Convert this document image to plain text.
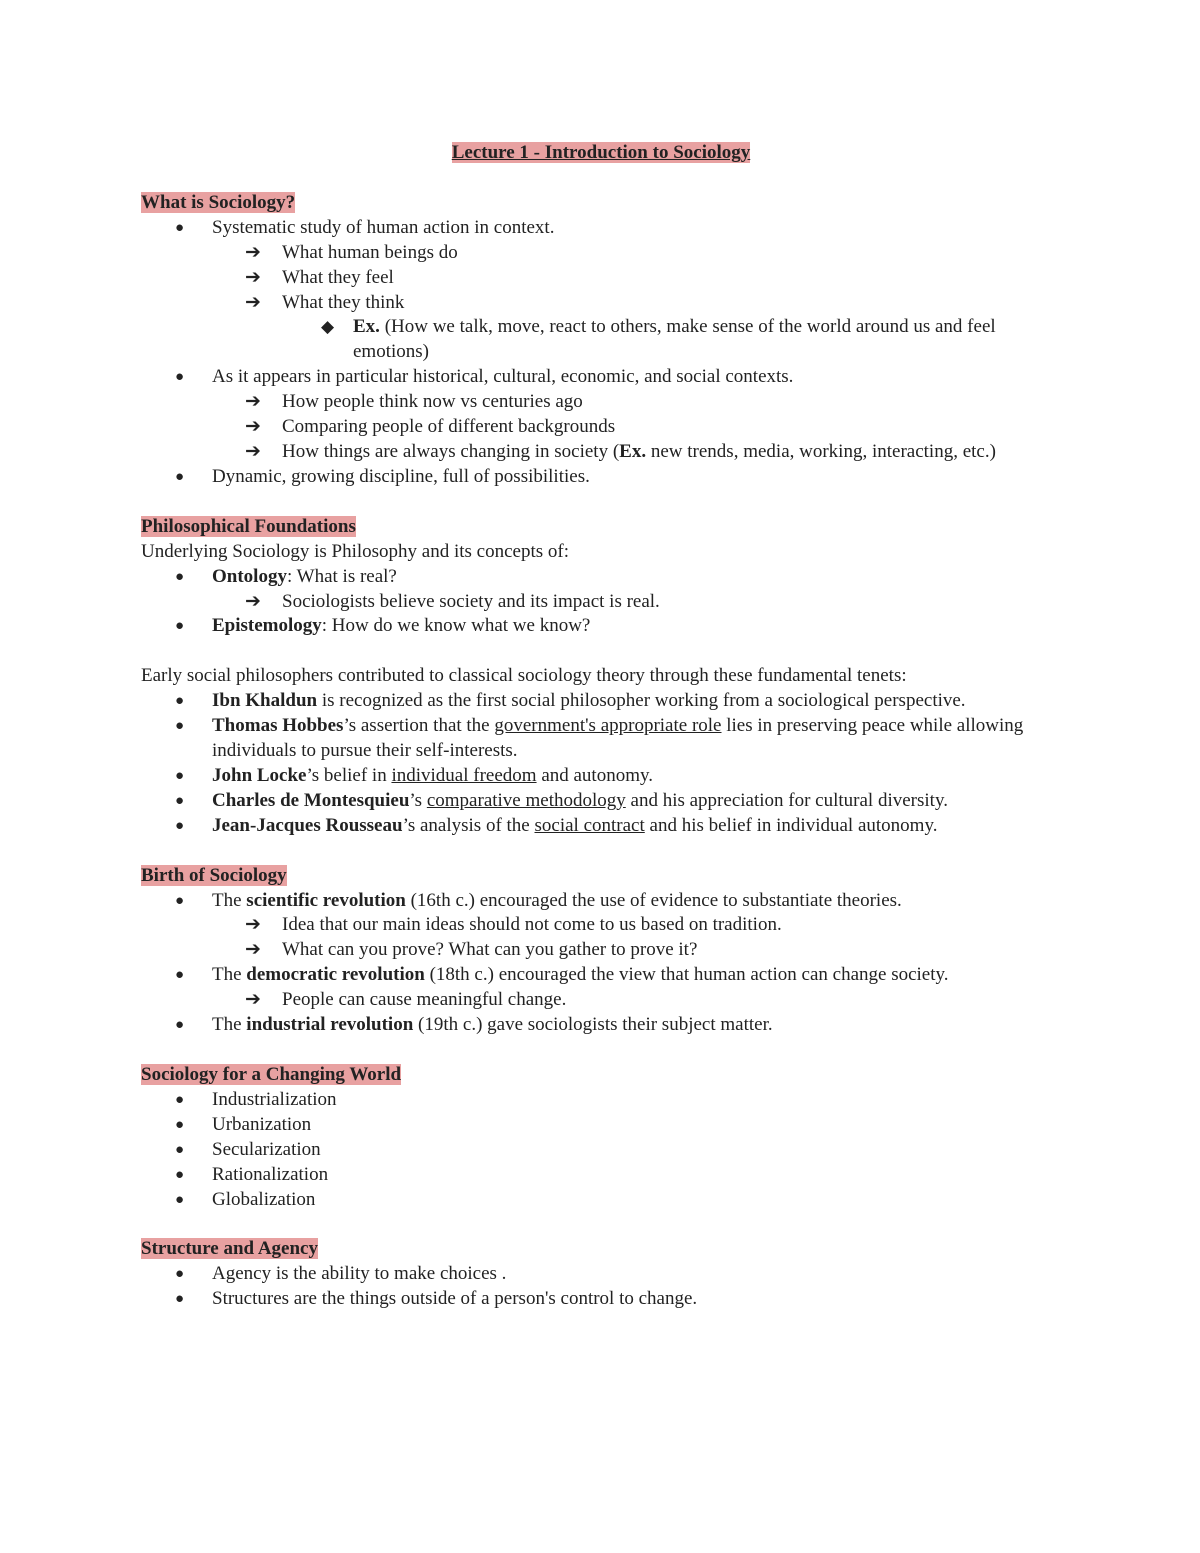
Lecture 1 - Introduction to Sociology
What is Sociology?
● Systematic study of human action in context.
➔ What human beings do
➔ What they feel
➔ What they think
◆ Ex. (How we talk, move, react to others, make sense of the world around us and feel emotions)
● As it appears in particular historical, cultural, economic, and social contexts.
➔ How people think now vs centuries ago
➔ Comparing people of different backgrounds
➔ How things are always changing in society (Ex. new trends, media, working, interacting, etc.)
● Dynamic, growing discipline, full of possibilities.
Philosophical Foundations
Underlying Sociology is Philosophy and its concepts of:
● Ontology: What is real?
➔ Sociologists believe society and its impact is real.
● Epistemology: How do we know what we know?
Early social philosophers contributed to classical sociology theory through these fundamental tenets:
● Ibn Khaldun is recognized as the first social philosopher working from a sociological perspective.
● Thomas Hobbes’s assertion that the government's appropriate role lies in preserving peace while allowing individuals to pursue their self-interests.
● John Locke’s belief in individual freedom and autonomy.
● Charles de Montesquieu’s comparative methodology and his appreciation for cultural diversity.
● Jean-Jacques Rousseau’s analysis of the social contract and his belief in individual autonomy.
Birth of Sociology
● The scientific revolution (16th c.) encouraged the use of evidence to substantiate theories.
➔ Idea that our main ideas should not come to us based on tradition.
➔ What can you prove? What can you gather to prove it?
● The democratic revolution (18th c.) encouraged the view that human action can change society.
➔ People can cause meaningful change.
● The industrial revolution (19th c.) gave sociologists their subject matter.
Sociology for a Changing World
● Industrialization
● Urbanization
● Secularization
● Rationalization
● Globalization
Structure and Agency
● Agency is the ability to make choices .
● Structures are the things outside of a person's control to change.
